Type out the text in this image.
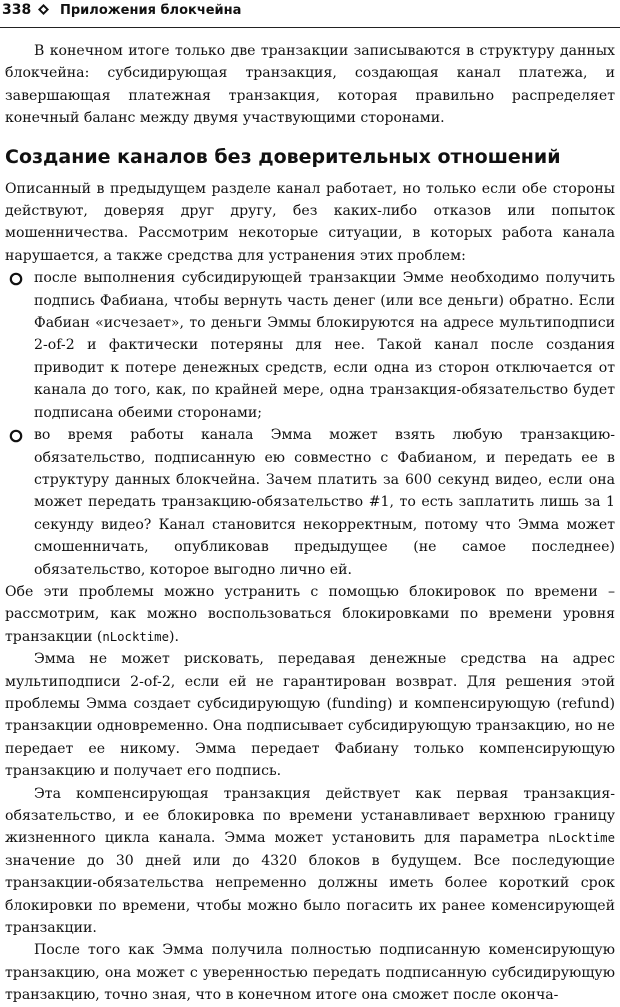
338 Приложения блокчейна

В конечном итоге только две транзакции записываются в структуру данных блокчейна: субсидирующая транзакция, создающая канал платежа, и завершающая платежная транзакция, которая правильно распределяет конечный баланс между двумя участвующими сторонами.

Создание каналов без доверительных отношений

Описанный в предыдущем разделе канал работает, но только если обе стороны действуют, доверяя друг другу, без каких-либо отказов или попыток мошенничества. Рассмотрим некоторые ситуации, в которых работа канала нарушается, а также средства для устранения этих проблем:

после выполнения субсидирующей транзакции Эмме необходимо получить подпись Фабиана, чтобы вернуть часть денег (или все деньги) обратно. Если Фабиан «исчезает», то деньги Эммы блокируются на адресе мультиподписи 2-of-2 и фактически потеряны для нее. Такой канал после создания приводит к потере денежных средств, если одна из сторон отключается от канала до того, как, по крайней мере, одна транзакция-обязательство будет подписана обеими сторонами;
во время работы канала Эмма может взять любую транзакцию-обязательство, подписанную ею совместно с Фабианом, и передать ее в структуру данных блокчейна. Зачем платить за 600 секунд видео, если она может передать транзакцию-обязательство #1, то есть заплатить лишь за 1 секунду видео? Канал становится некорректным, потому что Эмма может смошенничать, опубликовав предыдущее (не самое последнее) обязательство, которое выгодно лично ей.

Обе эти проблемы можно устранить с помощью блокировок по времени – рассмотрим, как можно воспользоваться блокировками по времени уровня транзакции (nLocktime).

Эмма не может рисковать, передавая денежные средства на адрес мультиподписи 2-of-2, если ей не гарантирован возврат. Для решения этой проблемы Эмма создает субсидирующую (funding) и компенсирующую (refund) транзакции одновременно. Она подписывает субсидирующую транзакцию, но не передает ее никому. Эмма передает Фабиану только компенсирующую транзакцию и получает его подпись.

Эта компенсирующая транзакция действует как первая транзакция-обязательство, и ее блокировка по времени устанавливает верхнюю границу жизненного цикла канала. Эмма может установить для параметра nLocktime значение до 30 дней или до 4320 блоков в будущем. Все последующие транзакции-обязательства непременно должны иметь более короткий срок блокировки по времени, чтобы можно было погасить их ранее коменсирующей транзакции.

После того как Эмма получила полностью подписанную коменсирующую транзакцию, она может с уверенностью передать подписанную субсидирующую транзакцию, точно зная, что в конечном итоге она сможет после оконча-
